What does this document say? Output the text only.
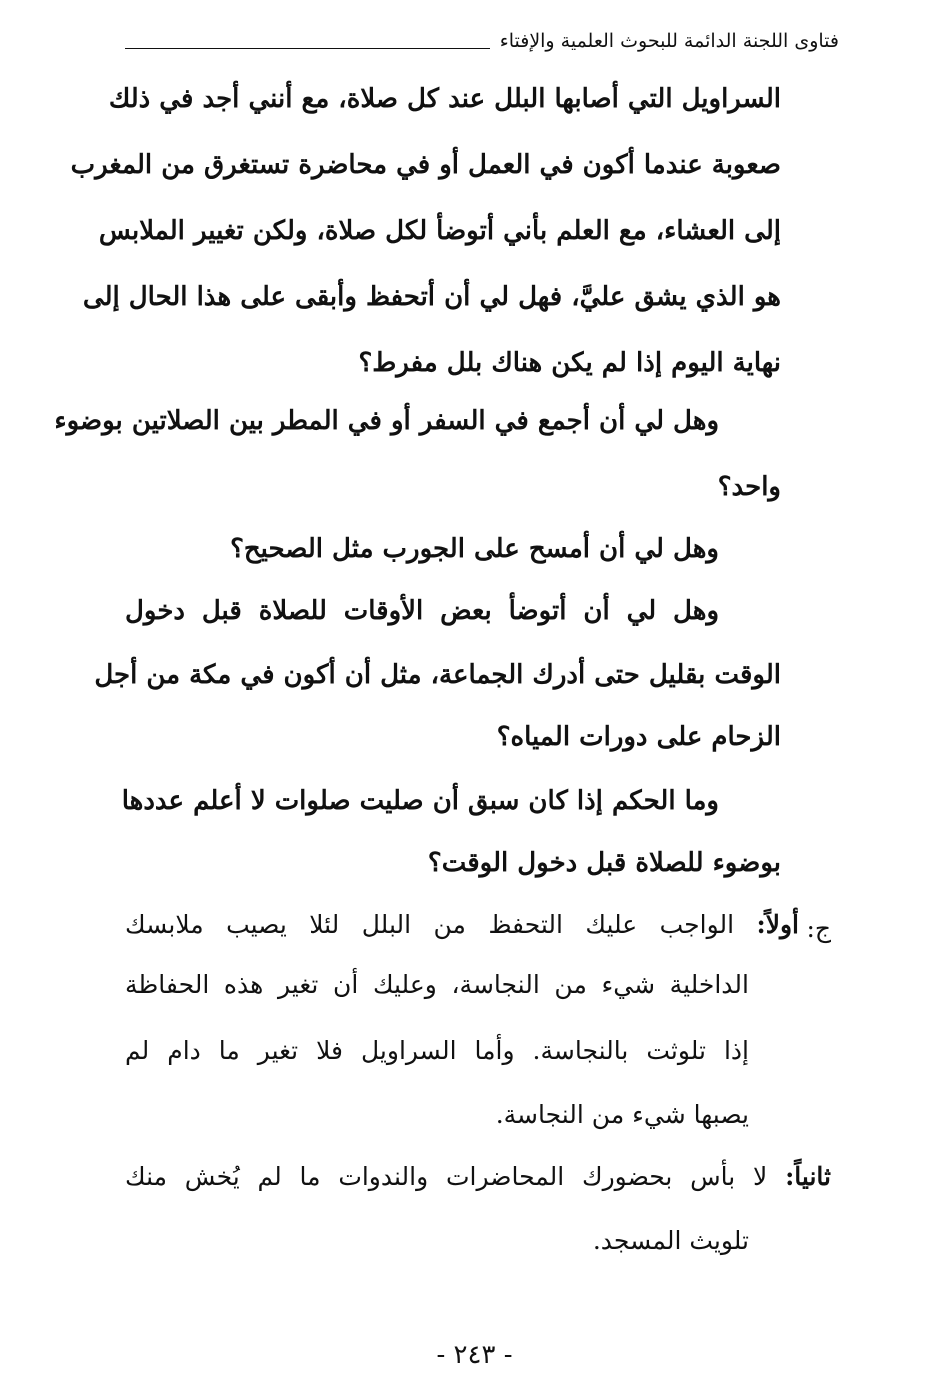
فتاوى اللجنة الدائمة للبحوث العلمية والإفتاء
السراويل التي أصابها البلل عند كل صلاة، مع أنني أجد في ذلك
صعوبة عندما أكون في العمل أو في محاضرة تستغرق من المغرب
إلى العشاء، مع العلم بأني أتوضأ لكل صلاة، ولكن تغيير الملابس
هو الذي يشق عليَّ، فهل لي أن أتحفظ وأبقى على هذا الحال إلى
نهاية اليوم إذا لم يكن هناك بلل مفرط؟
وهل لي أن أجمع في السفر أو في المطر بين الصلاتين بوضوء
واحد؟
وهل لي أن أمسح على الجورب مثل الصحيح؟
وهل لي أن أتوضأ بعض الأوقات للصلاة قبل دخول
الوقت بقليل حتى أدرك الجماعة، مثل أن أكون في مكة من أجل
الزحام على دورات المياه؟
وما الحكم إذا كان سبق أن صليت صلوات لا أعلم عددها
بوضوء للصلاة قبل دخول الوقت؟
ج:
أولاً: الواجب عليك التحفظ من البلل لئلا يصيب ملابسك
الداخلية شيء من النجاسة، وعليك أن تغير هذه الحفاظة
إذا تلوثت بالنجاسة. وأما السراويل فلا تغير ما دام لم
يصبها شيء من النجاسة.
ثانياً: لا بأس بحضورك المحاضرات والندوات ما لم يُخش منك
تلويث المسجد.
- ٢٤٣ -
